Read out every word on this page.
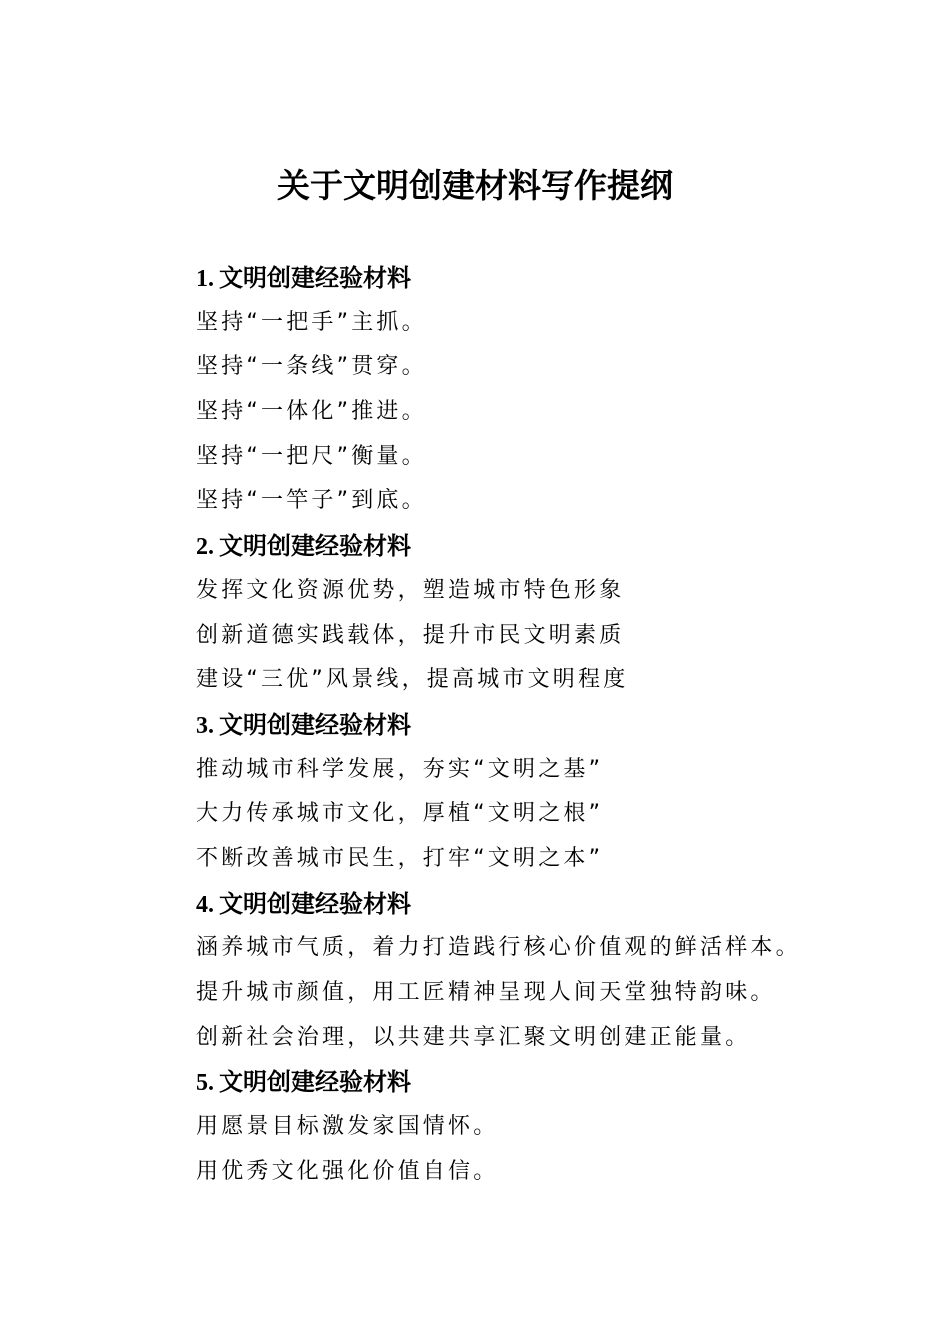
关于文明创建材料写作提纲
1. 文明创建经验材料
坚持“一把手”主抓。
坚持“一条线”贯穿。
坚持“一体化”推进。
坚持“一把尺”衡量。
坚持“一竿子”到底。
2. 文明创建经验材料
发挥文化资源优势，塑造城市特色形象
创新道德实践载体，提升市民文明素质
建设“三优”风景线，提高城市文明程度
3. 文明创建经验材料
推动城市科学发展，夯实“文明之基”
大力传承城市文化，厚植“文明之根”
不断改善城市民生，打牢“文明之本”
4. 文明创建经验材料
涵养城市气质，着力打造践行核心价值观的鲜活样本。
提升城市颜值，用工匠精神呈现人间天堂独特韵味。
创新社会治理，以共建共享汇聚文明创建正能量。
5. 文明创建经验材料
用愿景目标激发家国情怀。
用优秀文化强化价值自信。
